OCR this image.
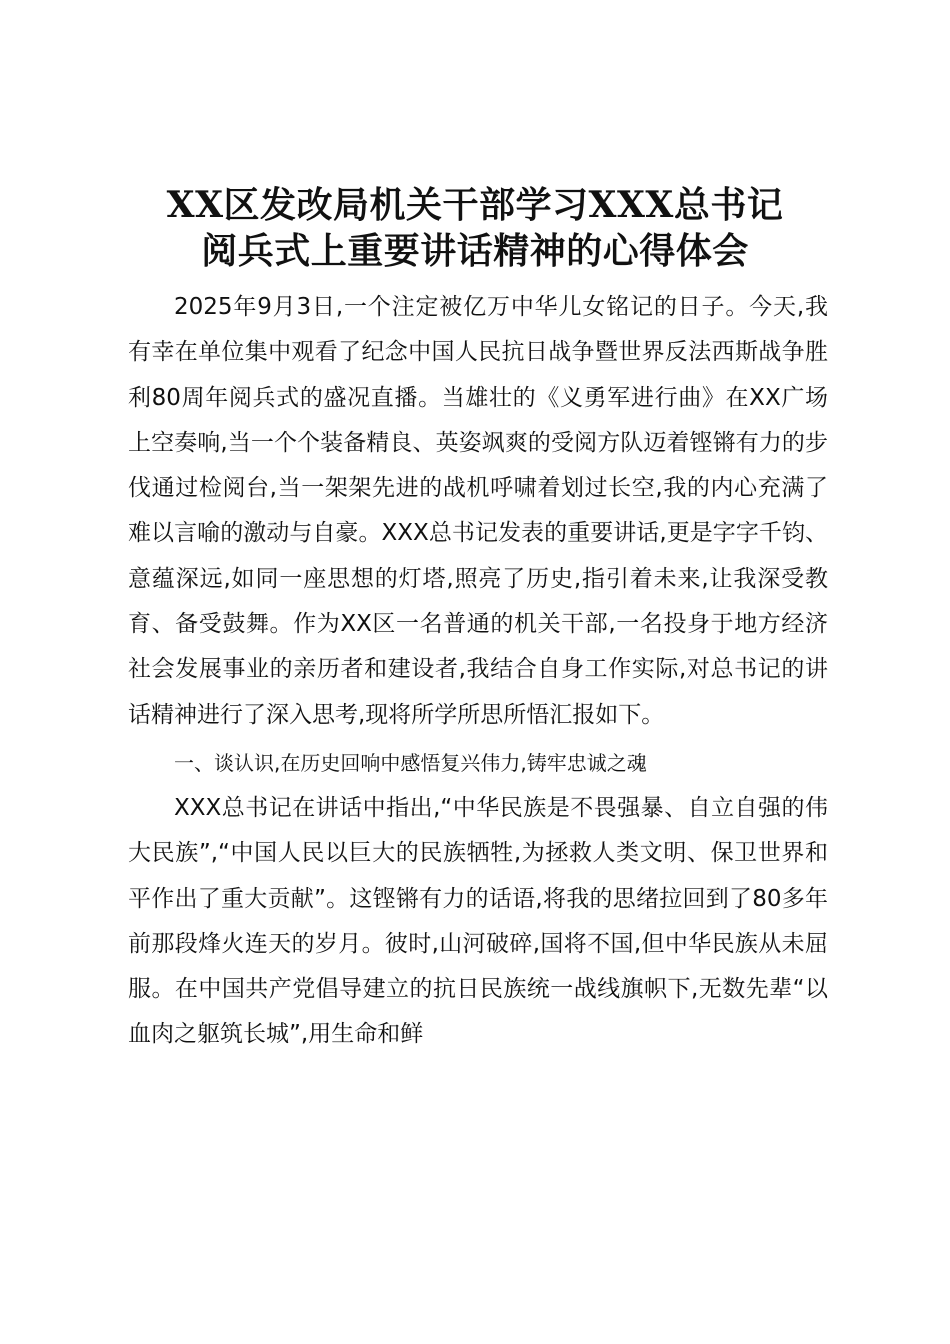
XX区发改局机关干部学习XXX总书记
阅兵式上重要讲话精神的心得体会

2025年9月3日,一个注定被亿万中华儿女铭记的日子。今天,我有幸在单位集中观看了纪念中国人民抗日战争暨世界反法西斯战争胜利80周年阅兵式的盛况直播。当雄壮的《义勇军进行曲》在XX广场上空奏响,当一个个装备精良、英姿飒爽的受阅方队迈着铿锵有力的步伐通过检阅台,当一架架先进的战机呼啸着划过长空,我的内心充满了难以言喻的激动与自豪。XXX总书记发表的重要讲话,更是字字千钧、意蕴深远,如同一座思想的灯塔,照亮了历史,指引着未来,让我深受教育、备受鼓舞。作为XX区一名普通的机关干部,一名投身于地方经济社会发展事业的亲历者和建设者,我结合自身工作实际,对总书记的讲话精神进行了深入思考,现将所学所思所悟汇报如下。

一、谈认识,在历史回响中感悟复兴伟力,铸牢忠诚之魂

XXX总书记在讲话中指出,“中华民族是不畏强暴、自立自强的伟大民族”,“中国人民以巨大的民族牺牲,为拯救人类文明、保卫世界和平作出了重大贡献”。这铿锵有力的话语,将我的思绪拉回到了80多年前那段烽火连天的岁月。彼时,山河破碎,国将不国,但中华民族从未屈服。在中国共产党倡导建立的抗日民族统一战线旗帜下,无数先辈“以血肉之躯筑长城”,用生命和鲜
